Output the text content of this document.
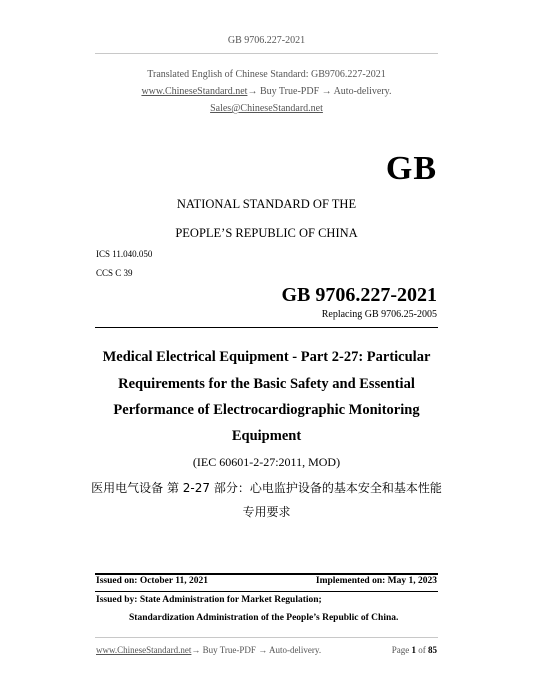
GB 9706.227-2021
Translated English of Chinese Standard: GB9706.227-2021
www.ChineseStandard.net→ Buy True-PDF → Auto-delivery.
Sales@ChineseStandard.net
GB
NATIONAL STANDARD OF THE
PEOPLE’S REPUBLIC OF CHINA
ICS 11.040.050
CCS C 39
GB 9706.227-2021
Replacing GB 9706.25-2005
Medical Electrical Equipment - Part 2-27: Particular
Requirements for the Basic Safety and Essential
Performance of Electrocardiographic Monitoring
Equipment
(IEC 60601-2-27:2011, MOD)
医用电气设备 第 2-27 部分：心电监护设备的基本安全和基本性能
专用要求
Issued on: October 11, 2021	Implemented on: May 1, 2023
Issued by: State Administration for Market Regulation;
Standardization Administration of the People’s Republic of China.
www.ChineseStandard.net→ Buy True-PDF → Auto-delivery.	Page 1 of 85
